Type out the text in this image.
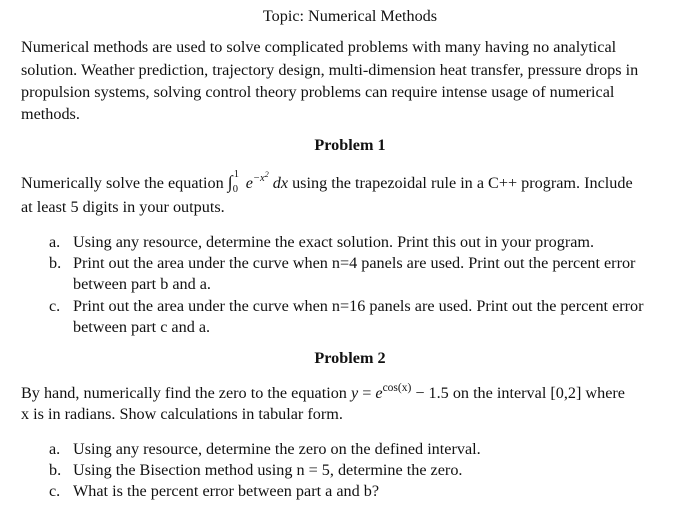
Topic: Numerical Methods
Numerical methods are used to solve complicated problems with many having no analytical
solution. Weather prediction, trajectory design, multi-dimension heat transfer, pressure drops in
propulsion systems, solving control theory problems can require intense usage of numerical
methods.
Problem 1
Numerically solve the equation ∫ 1
0 $e^{-x^2}$ dx using the trapezoidal rule in a C++ program. Include
at least 5 digits in your outputs.
a. Using any resource, determine the exact solution. Print this out in your program.
b. Print out the area under the curve when n=4 panels are used. Print out the percent error
between part b and a.
c. Print out the area under the curve when n=16 panels are used. Print out the percent error
between part c and a.
Problem 2
By hand, numerically find the zero to the equation $y = e^{cos(x)} - 1.5$ on the interval [0,2] where
x is in radians. Show calculations in tabular form.
a. Using any resource, determine the zero on the defined interval.
b. Using the Bisection method using n = 5, determine the zero.
c. What is the percent error between part a and b?
